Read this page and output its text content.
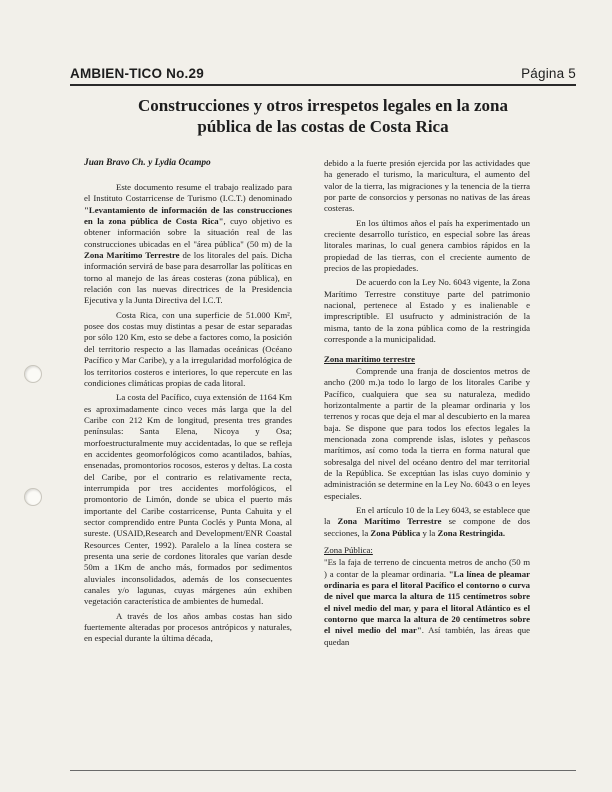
AMBIEN-TICO No.29	Página 5
Construcciones y otros irrespetos legales en la zona
pública de las costas de Costa Rica
Juan Bravo Ch. y Lydia Ocampo

Este documento resume el trabajo realizado para el Instituto Costarricense de Turismo (I.C.T.) denominado "Levantamiento de información de las construcciones en la zona pública de Costa Rica", cuyo objetivo es obtener información sobre la situación real de las construcciones ubicadas en el "área pública" (50 m) de la Zona Marítimo Terrestre de los litorales del país. Dicha información servirá de base para desarrollar las políticas en torno al manejo de las áreas costeras (zona pública), en relación con las nuevas directrices de la Presidencia Ejecutiva y la Junta Directiva del I.C.T.

Costa Rica, con una superficie de 51.000 Km², posee dos costas muy distintas a pesar de estar separadas por sólo 120 Km, esto se debe a factores como, la posición del territorio respecto a las llamadas oceánicas (Océano Pacífico y Mar Caribe), y a la irregularidad morfológica de los territorios costeros e interiores, lo que repercute en las condiciones climáticas propias de cada litoral.

La costa del Pacífico, cuya extensión de 1164 Km es aproximadamente cinco veces más larga que la del Caribe con 212 Km de longitud, presenta tres grandes penínsulas: Santa Elena, Nicoya y Osa; morfoestructuralmente muy accidentadas, lo que se refleja en accidentes geomorfológicos como acantilados, bahías, ensenadas, promontorios rocosos, esteros y deltas. La costa del Caribe, por el contrario es relativamente recta, interrumpida por tres accidentes morfológicos, el promontorio de Limón, donde se ubica el puerto más importante del Caribe costarricense, Punta Cahuita y el sector comprendido entre Punta Coclés y Punta Mona, al sureste. (USAID,Research and Development/ENR Coastal Resources Center, 1992). Paralelo a la línea costera se presenta una serie de cordones litorales que varían desde 50m a 1Km de ancho más, formados por sedimentos aluviales inconsolidados, además de los consecuentes canales y/o lagunas, cuyas márgenes aún exhiben vegetación característica de ambientes de humedal.

A través de los años ambas costas han sido fuertemente alteradas por procesos antrópicos y naturales, en especial durante la última década,

debido a la fuerte presión ejercida por las actividades que ha generado el turismo, la maricultura, el aumento del valor de la tierra, las migraciones y la tenencia de la tierra por parte de consorcios y personas no nativas de las áreas costeras.

En los últimos años el país ha experimentado un creciente desarrollo turístico, en especial sobre las áreas litorales marinas, lo cual genera cambios rápidos en la propiedad de las tierras, con el creciente aumento de precios de las propiedades.

De acuerdo con la Ley No. 6043 vigente, la Zona Marítimo Terrestre constituye parte del patrimonio nacional, pertenece al Estado y es inalienable e imprescriptible. El usufructo y administración de la misma, tanto de la zona pública como de la restringida corresponde a la municipalidad.

Zona marítimo terrestre

Comprende una franja de doscientos metros de ancho (200 m.)a todo lo largo de los litorales Caribe y Pacífico, cualquiera que sea su naturaleza, medido horizontalmente a partir de la pleamar ordinaria y los terrenos y rocas que deja el mar al descubierto en la marea baja. Se dispone que para todos los efectos legales la mencionada zona comprende islas, islotes y peñascos marítimos, así como toda la tierra en forma natural que sobresalga del nivel del océano dentro del mar territorial de la República. Se exceptúan las islas cuyo dominio y administración se determine en la Ley No. 6043 o en leyes especiales.

En el artículo 10 de la Ley 6043, se establece que la Zona Marítimo Terrestre se compone de dos secciones, la Zona Pública y la Zona Restringida.

Zona Pública:

"Es la faja de terreno de cincuenta metros de ancho (50 m ) a contar de la pleamar ordinaria. "La línea de pleamar ordinaria es para el litoral Pacífico el contorno o curva de nivel que marca la altura de 115 centímetros sobre el nivel medio del mar, y para el litoral Atlántico es el contorno que marca la altura de 20 centímetros sobre el nivel medio del mar". Así también, las áreas que quedan
